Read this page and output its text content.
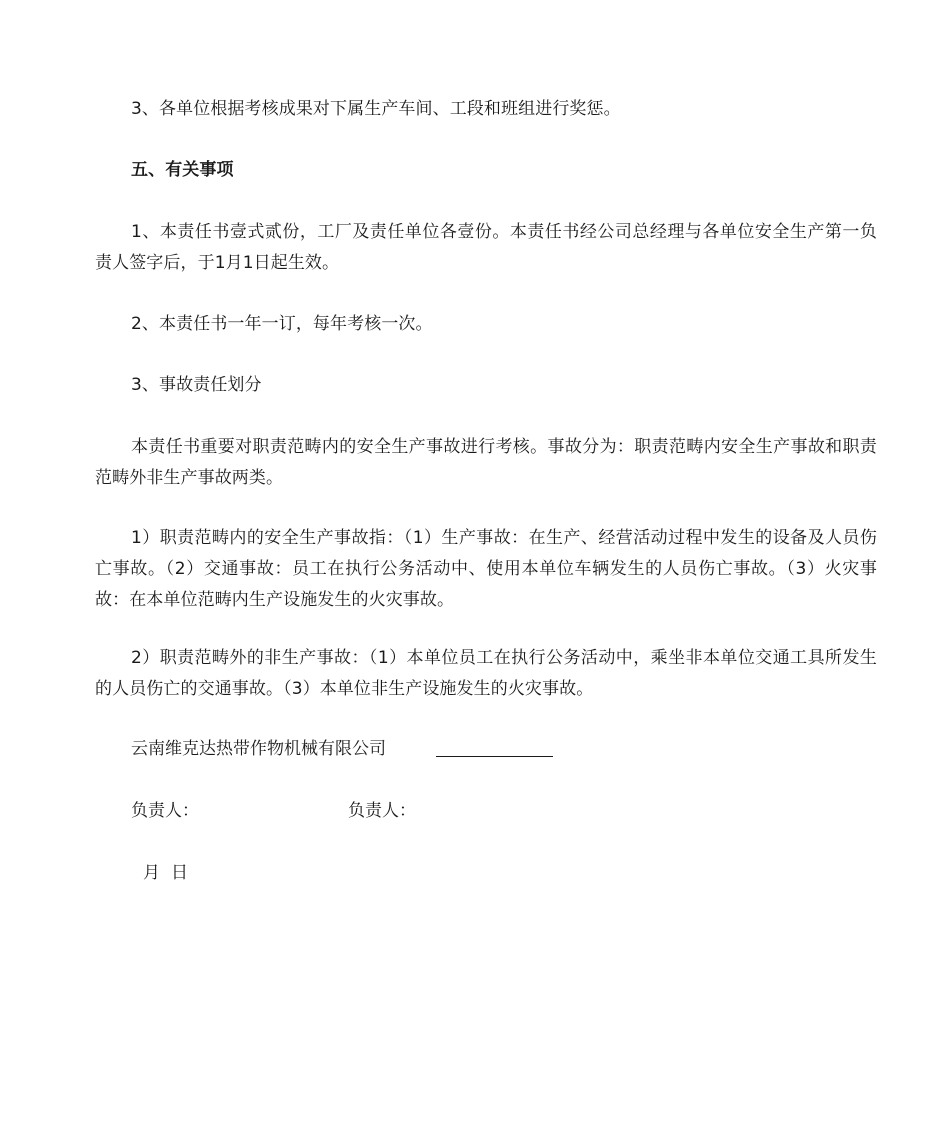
3、各单位根据考核成果对下属生产车间、工段和班组进行奖惩。

五、有关事项

1、本责任书壹式贰份，工厂及责任单位各壹份。本责任书经公司总经理与各单位安全生产第一负责人签字后，于1月1日起生效。

2、本责任书一年一订，每年考核一次。

3、事故责任划分

本责任书重要对职责范畴内的安全生产事故进行考核。事故分为：职责范畴内安全生产事故和职责范畴外非生产事故两类。

1）职责范畴内的安全生产事故指：（1）生产事故：在生产、经营活动过程中发生的设备及人员伤亡事故。（2）交通事故：员工在执行公务活动中、使用本单位车辆发生的人员伤亡事故。（3）火灾事故：在本单位范畴内生产设施发生的火灾事故。

2）职责范畴外的非生产事故：（1）本单位员工在执行公务活动中，乘坐非本单位交通工具所发生的人员伤亡的交通事故。（3）本单位非生产设施发生的火灾事故。

云南维克达热带作物机械有限公司
负责人：	负责人：
月 日
